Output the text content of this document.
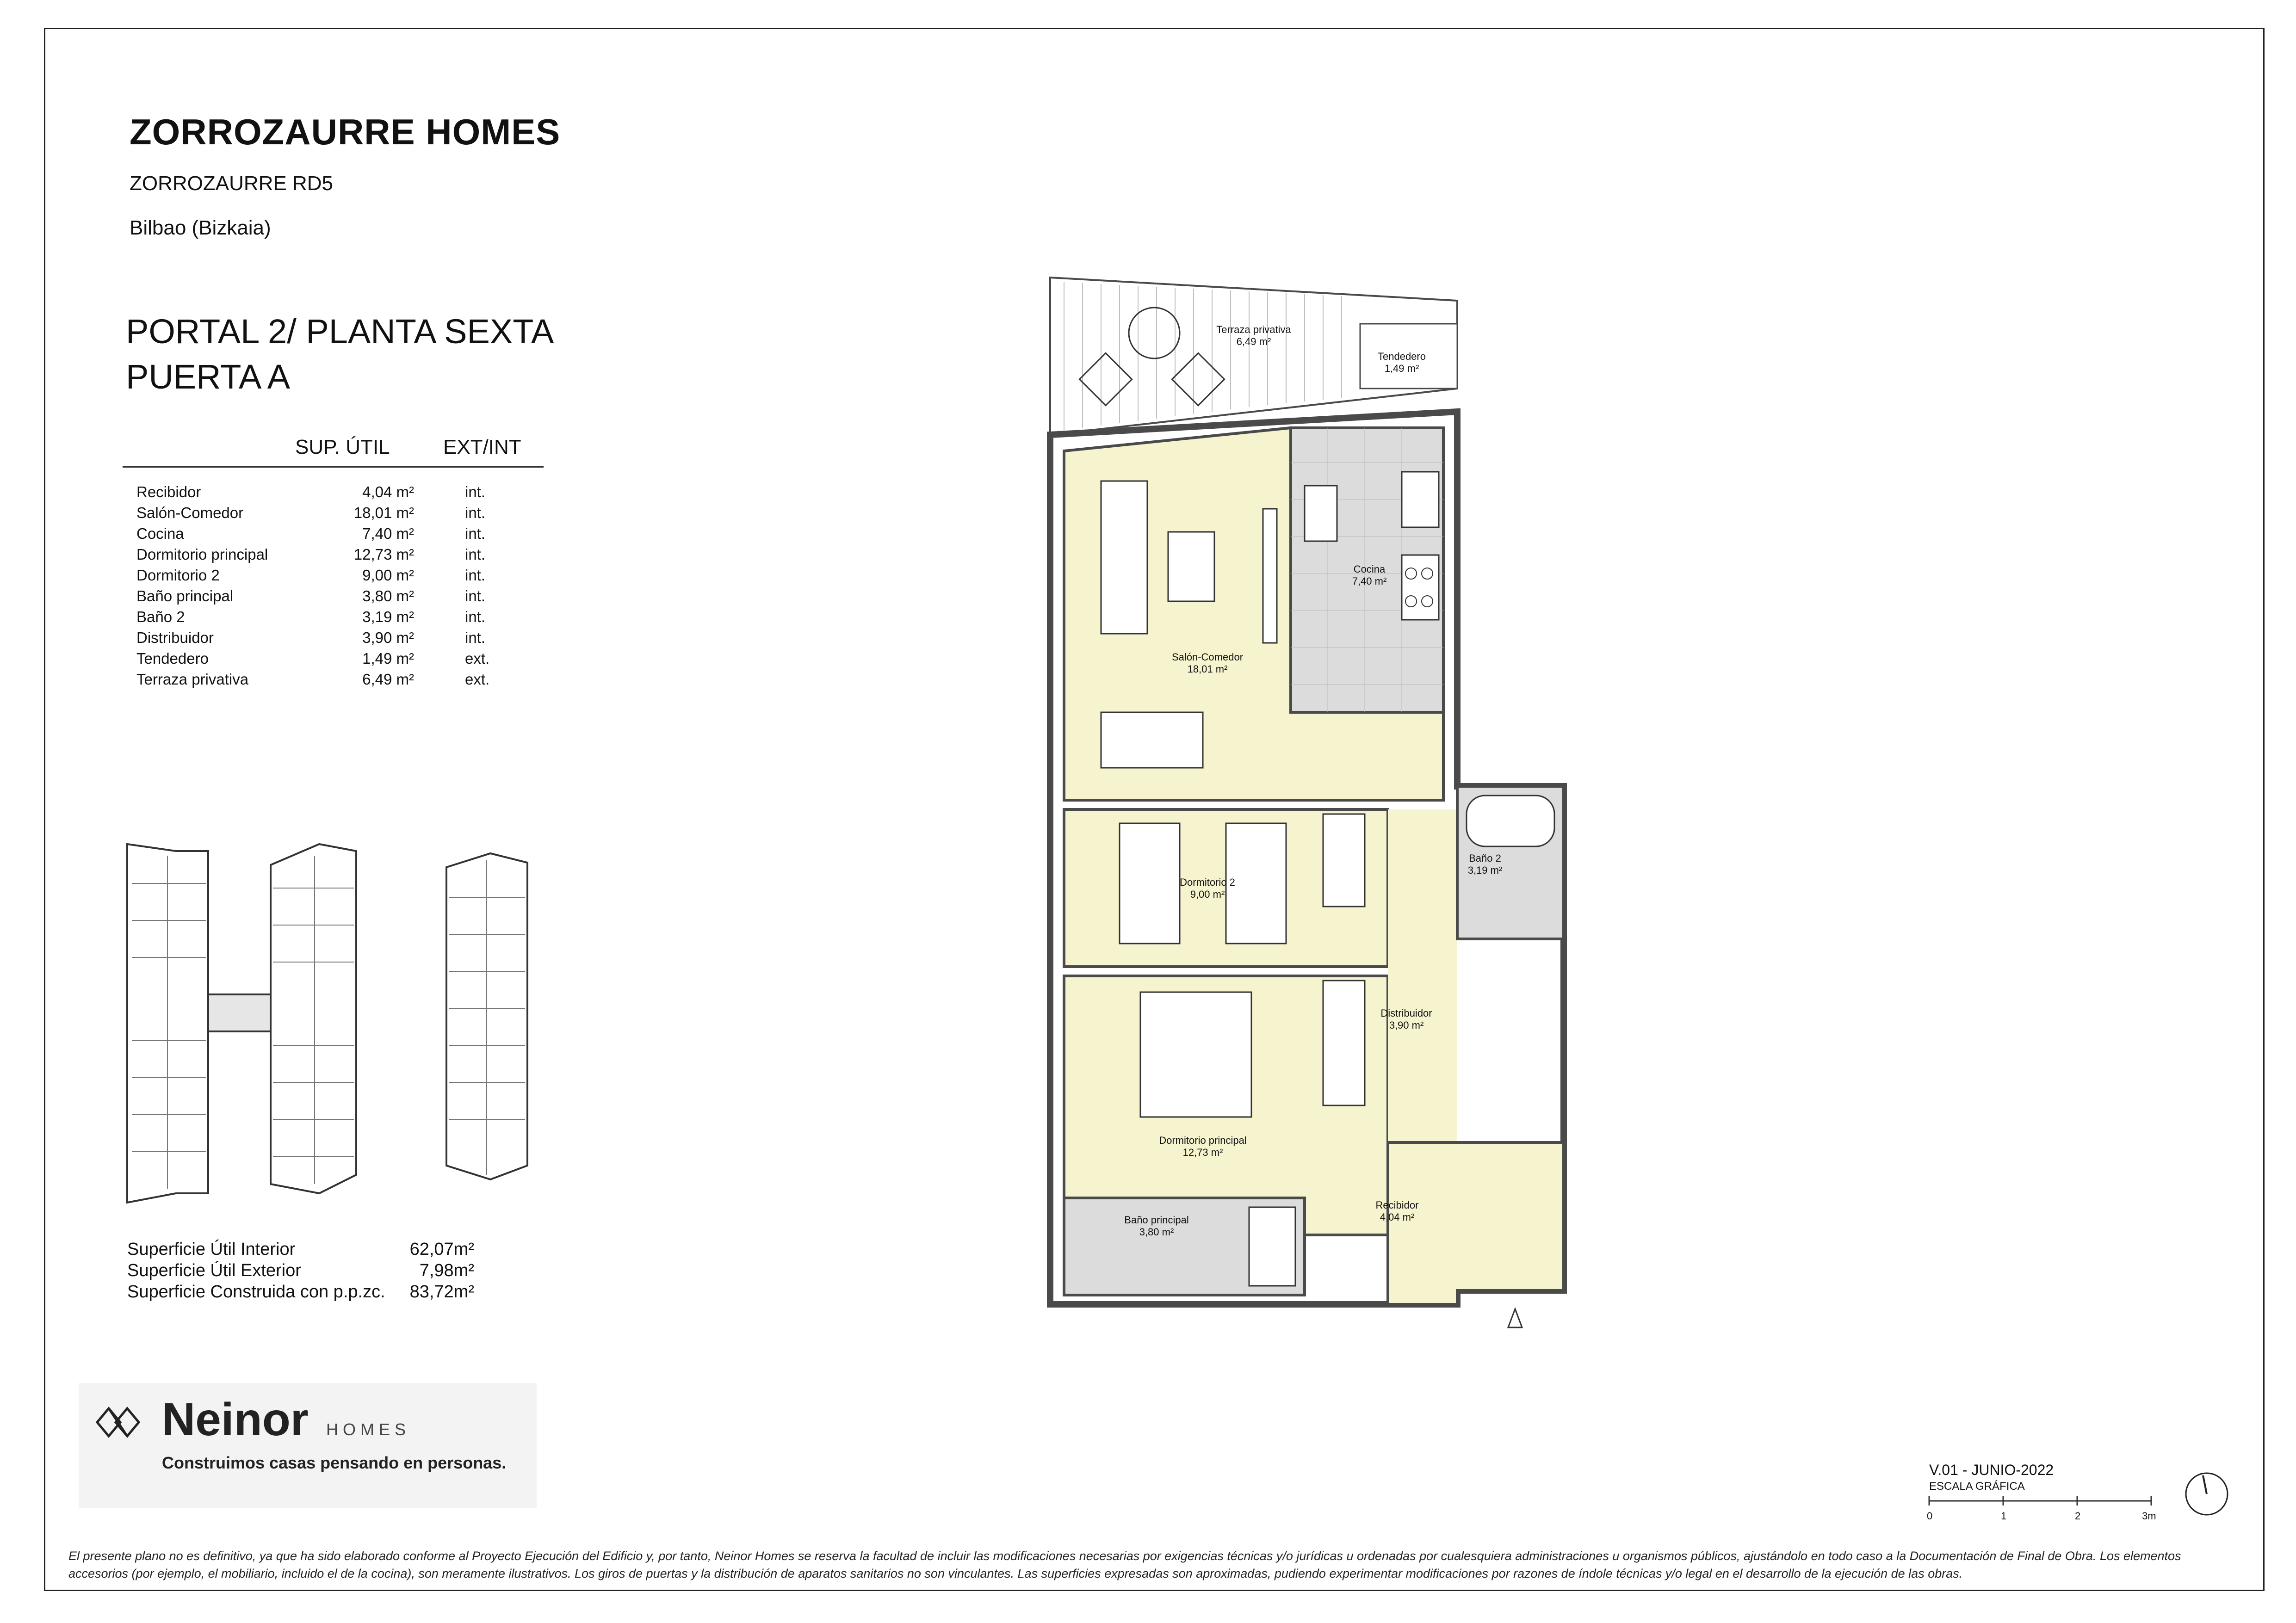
ZORROZAURRE HOMES
ZORROZAURRE RD5
Bilbao (Bizkaia)
PORTAL 2/ PLANTA SEXTA
PUERTA A
SUP. ÚTIL	EXT/INT
Recibidor	4,04 m²	int.
Salón-Comedor	18,01 m²	int.
Cocina	7,40 m²	int.
Dormitorio principal	12,73 m²	int.
Dormitorio 2	9,00 m²	int.
Baño principal	3,80 m²	int.
Baño 2	3,19 m²	int.
Distribuidor	3,90 m²	int.
Tendedero	1,49 m²	ext.
Terraza privativa	6,49 m²	ext.
Superficie Útil Interior	62,07m²
Superficie Útil Exterior	7,98m²
Superficie Construida con p.p.zc.	83,72m²
Terraza privativa
6,49 m²
Tendedero
1,49 m²
Cocina
7,40 m²
Salón-Comedor
18,01 m²
Dormitorio 2
9,00 m²
Baño 2
3,19 m²
Distribuidor
3,90 m²
Dormitorio principal
12,73 m²
Recibidor
4,04 m²
Baño principal
3,80 m²
Neinor HOMES
Construimos casas pensando en personas.	V.01 - JUNIO-2022
ESCALA GRÁFICA
0	1	2	3m
El presente plano no es definitivo, ya que ha sido elaborado conforme al Proyecto Ejecución del Edificio y, por tanto, Neinor Homes se reserva la facultad de incluir las modificaciones necesarias por exigencias técnicas y/o jurídicas u ordenadas por cualesquiera administraciones u organismos públicos, ajustándolo en todo caso a la Documentación de Final de Obra. Los elementos accesorios (por ejemplo, el mobiliario, incluido el de la cocina), son meramente ilustrativos. Los giros de puertas y la distribución de aparatos sanitarios no son vinculantes. Las superficies expresadas son aproximadas, pudiendo experimentar modificaciones por razones de índole técnicas y/o legal en el desarrollo de la ejecución de las obras.
